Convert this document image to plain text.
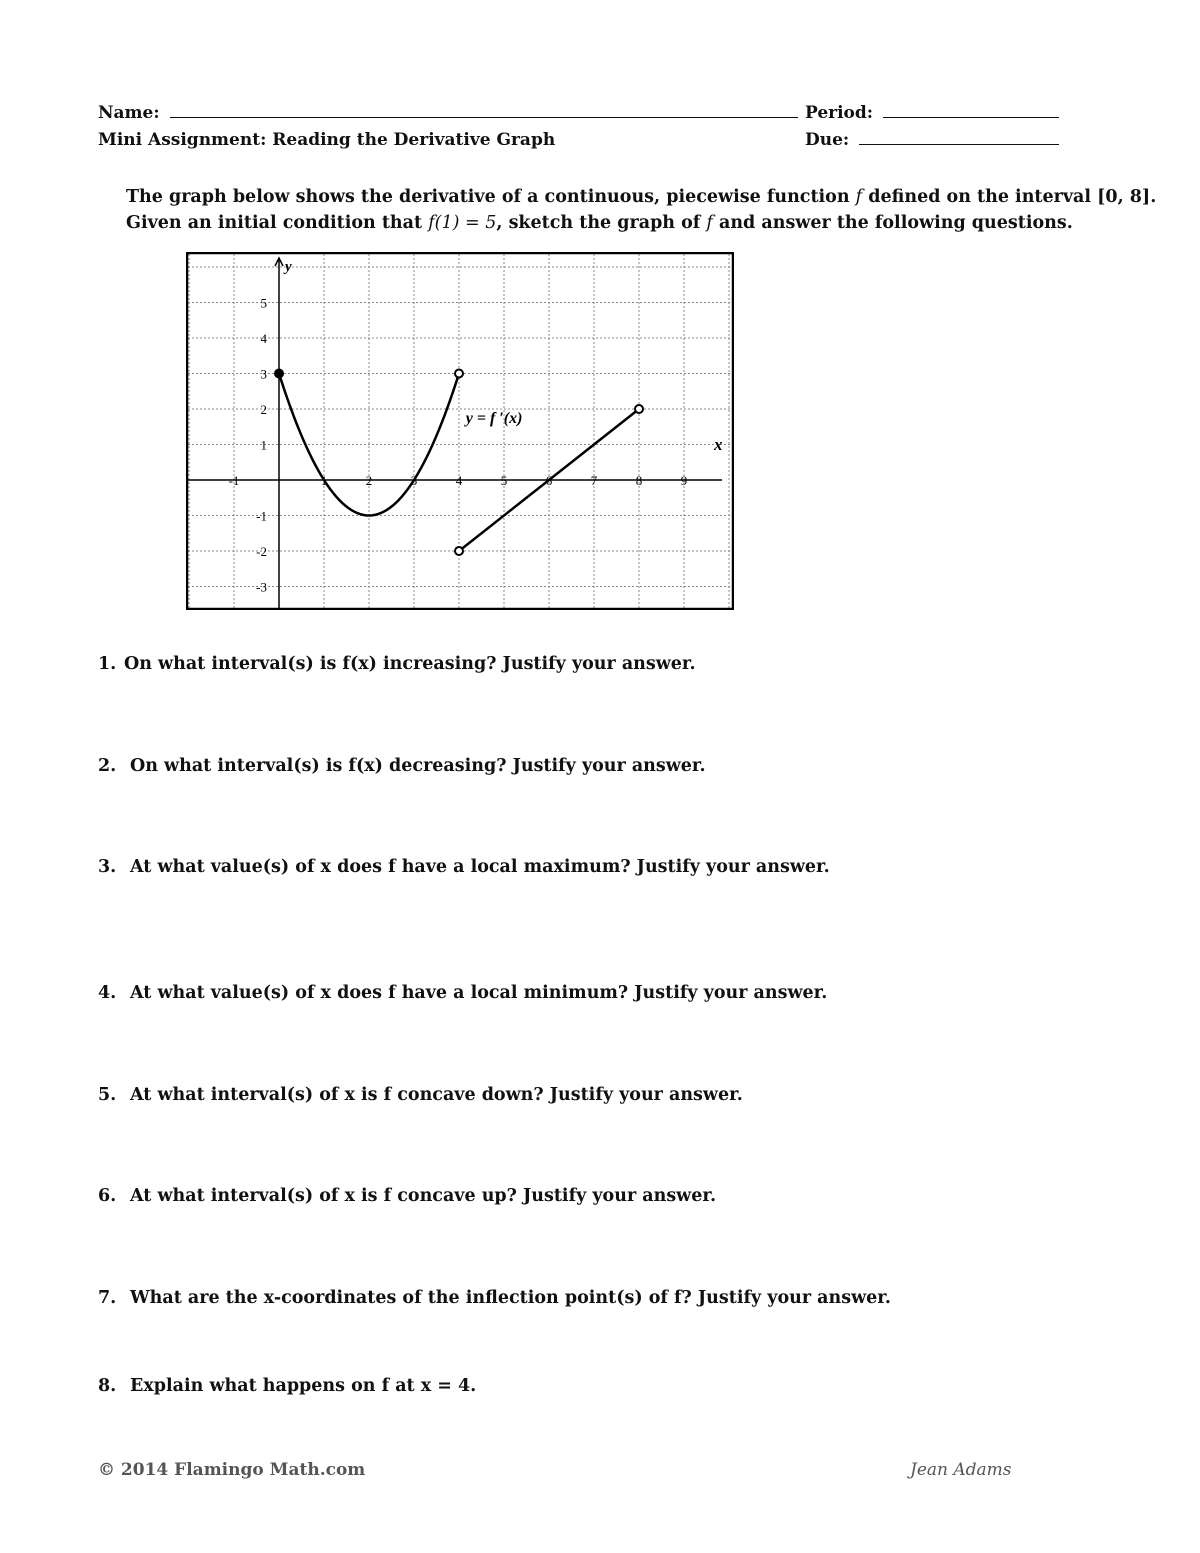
Name:	Period:
Mini Assignment: Reading the Derivative Graph	Due:
The graph below shows the derivative of a continuous, piecewise function f defined on the interval [0, 8].
Given an initial condition that f(1) = 5, sketch the graph of f and answer the following questions.
-1	1	2	3	4	5	6	7	8	9
5
4
3
2
1
-1
-2
-3
y
x
y = f ′(x)
1. On what interval(s) is f(x) increasing? Justify your answer.
2. On what interval(s) is f(x) decreasing? Justify your answer.
3. At what value(s) of x does f have a local maximum? Justify your answer.
4. At what value(s) of x does f have a local minimum? Justify your answer.
5. At what interval(s) of x is f concave down? Justify your answer.
6. At what interval(s) of x is f concave up? Justify your answer.
7. What are the x-coordinates of the inflection point(s) of f? Justify your answer.
8. Explain what happens on f at x = 4.
© 2014 Flamingo Math.com	Jean Adams
